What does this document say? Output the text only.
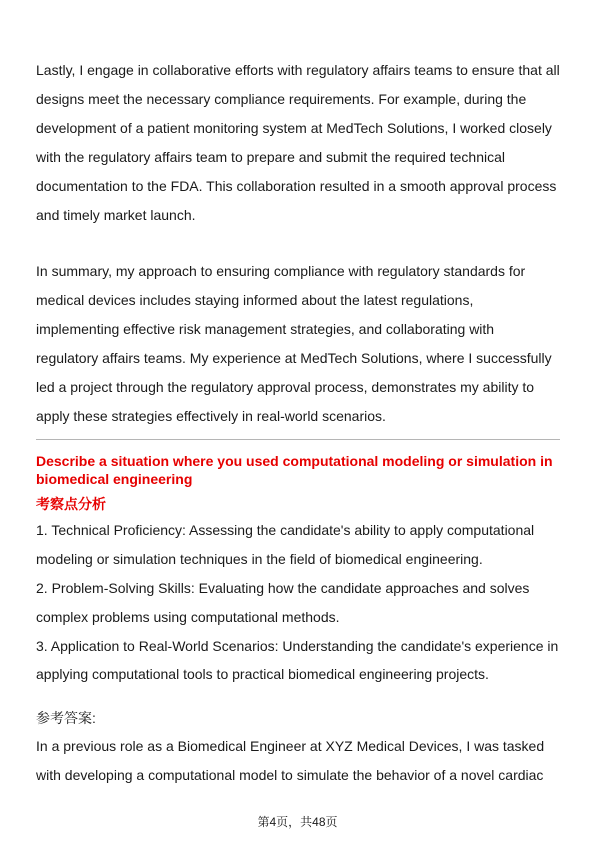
Lastly, I engage in collaborative efforts with regulatory affairs teams to ensure that all designs meet the necessary compliance requirements. For example, during the development of a patient monitoring system at MedTech Solutions, I worked closely with the regulatory affairs team to prepare and submit the required technical documentation to the FDA. This collaboration resulted in a smooth approval process and timely market launch.

In summary, my approach to ensuring compliance with regulatory standards for medical devices includes staying informed about the latest regulations, implementing effective risk management strategies, and collaborating with regulatory affairs teams. My experience at MedTech Solutions, where I successfully led a project through the regulatory approval process, demonstrates my ability to apply these strategies effectively in real-world scenarios.

Describe a situation where you used computational modeling or simulation in biomedical engineering
考察点分析

1. Technical Proficiency: Assessing the candidate's ability to apply computational modeling or simulation techniques in the field of biomedical engineering.

2. Problem-Solving Skills: Evaluating how the candidate approaches and solves complex problems using computational methods.

3. Application to Real-World Scenarios: Understanding the candidate's experience in applying computational tools to practical biomedical engineering projects.

参考答案:

In a previous role as a Biomedical Engineer at XYZ Medical Devices, I was tasked with developing a computational model to simulate the behavior of a novel cardiac

第4页，共48页
